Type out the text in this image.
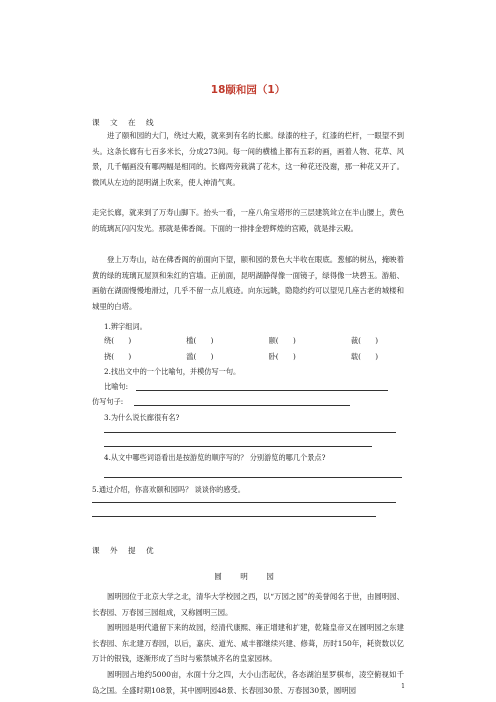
18颐和园（1）
课 文 在 线

进了颐和园的大门，绕过大殿，就来到有名的长廊。绿漆的柱子，红漆的栏杆，一眼望不到头。这条长廊有七百多米长，分成273间。每一间的横槛上都有五彩的画，画着人物、花草、风景，几千幅画没有哪两幅是相同的。长廊两旁栽满了花木，这一种花还没谢，那一种花又开了。微风从左边的昆明湖上吹来，使人神清气爽。

走完长廊，就来到了万寿山脚下。抬头一看，一座八角宝塔形的三层建筑耸立在半山腰上，黄色的琉璃瓦闪闪发光。那就是佛香阁。下面的一排排金碧辉煌的宫殿，就是排云殿。

登上万寿山，站在佛香阁的前面向下望，颐和园的景色大半收在眼底。葱郁的树丛，掩映着黄的绿的琉璃瓦屋顶和朱红的宫墙。正前面，昆明湖静得像一面镜子，绿得像一块碧玉。游船、画舫在湖面慢慢地滑过，几乎不留一点儿痕迹。向东远眺，隐隐约约可以望见几座古老的城楼和城里的白塔。

1.辨字组词。
绕(　　)	槛(　　)	颐(　　)	裁(　　)
挠(　　)	滥(　　)	卧(　　)	载(　　)
2.找出文中的一个比喻句，并模仿写一句。
比喻句:
仿写句子:
3.为什么说长廊很有名?
4.从文中哪些词语看出是按游览的顺序写的？ 分别游览的哪几个景点?
5.通过介绍，你喜欢颐和园吗？ 谈谈你的感受。
课 外 提 优
圆 明 园

圆明园位于北京大学之北，清华大学校园之西，以“万园之园”的美誉闻名于世，由圆明园、长春园、万春园三园组成，又称圆明三园。

圆明园是明代遗留下来的故园，经清代康熙、雍正增建和扩建，乾隆皇帝又在圆明园之东建长春园、东北建万春园，以后，嘉庆、道光、咸丰都继续兴建、修葺，历时150年，耗资数以亿万计的银钱，逐渐形成了当时与紫禁城齐名的皇家园林。

圆明园占地约5000亩，水面十分之四，大小山峦起伏，各态湖泊星罗棋布，凌空俯视如千岛之国。全盛时期108景，其中圆明园48景、长春园30景、万春园30景，圆明园	1
